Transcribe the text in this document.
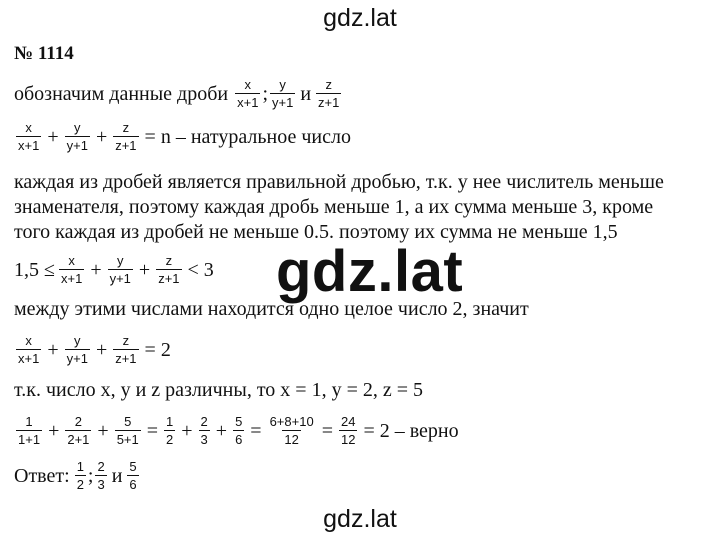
gdz.lat
№ 1114
обозначим данные дроби $\frac{x}{x+1}$ ; $\frac{y}{y+1}$ и $\frac{z}{z+1}$
$\frac{x}{x+1} + \frac{y}{y+1} + \frac{z}{z+1} = n$ – натуральное число
каждая из дробей является правильной дробью, т.к. у нее числитель меньше
знаменателя, поэтому каждая дробь меньше 1, а их сумма меньше 3, кроме
того каждая из дробей не меньше 0.5. поэтому их сумма не меньше 1,5
$1,5 \le \frac{x}{x+1} + \frac{y}{y+1} + \frac{z}{z+1} < 3$ gdz.lat
между этими числами находится одно целое число 2, значит
$\frac{x}{x+1} + \frac{y}{y+1} + \frac{z}{z+1} = 2$
т.к. число x, y и z различны, то x = 1, y = 2, z = 5
$\frac{1}{1+1} + \frac{2}{2+1} + \frac{5}{5+1} = \frac{1}{2} + \frac{2}{3} + \frac{5}{6} = \frac{6+8+10}{12} = \frac{24}{12} = 2$ – верно
Ответ: $\frac{1}{2}$ ; $\frac{2}{3}$ и $\frac{5}{6}$
gdz.lat
